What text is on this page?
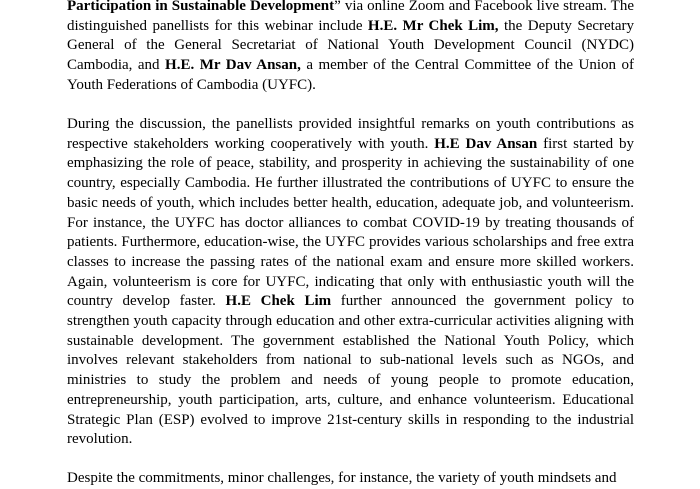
Participation in Sustainable Development” via online Zoom and Facebook live stream. The distinguished panellists for this webinar include H.E. Mr Chek Lim, the Deputy Secretary General of the General Secretariat of National Youth Development Council (NYDC) Cambodia, and H.E. Mr Dav Ansan, a member of the Central Committee of the Union of Youth Federations of Cambodia (UYFC).

During the discussion, the panellists provided insightful remarks on youth contributions as respective stakeholders working cooperatively with youth. H.E Dav Ansan first started by emphasizing the role of peace, stability, and prosperity in achieving the sustainability of one country, especially Cambodia. He further illustrated the contributions of UYFC to ensure the basic needs of youth, which includes better health, education, adequate job, and volunteerism. For instance, the UYFC has doctor alliances to combat COVID-19 by treating thousands of patients. Furthermore, education-wise, the UYFC provides various scholarships and free extra classes to increase the passing rates of the national exam and ensure more skilled workers. Again, volunteerism is core for UYFC, indicating that only with enthusiastic youth will the country develop faster. H.E Chek Lim further announced the government policy to strengthen youth capacity through education and other extra-curricular activities aligning with sustainable development. The government established the National Youth Policy, which involves relevant stakeholders from national to sub-national levels such as NGOs, and ministries to study the problem and needs of young people to promote education, entrepreneurship, youth participation, arts, culture, and enhance volunteerism. Educational Strategic Plan (ESP) evolved to improve 21st-century skills in responding to the industrial revolution.

Despite the commitments, minor challenges, for instance, the variety of youth mindsets and
